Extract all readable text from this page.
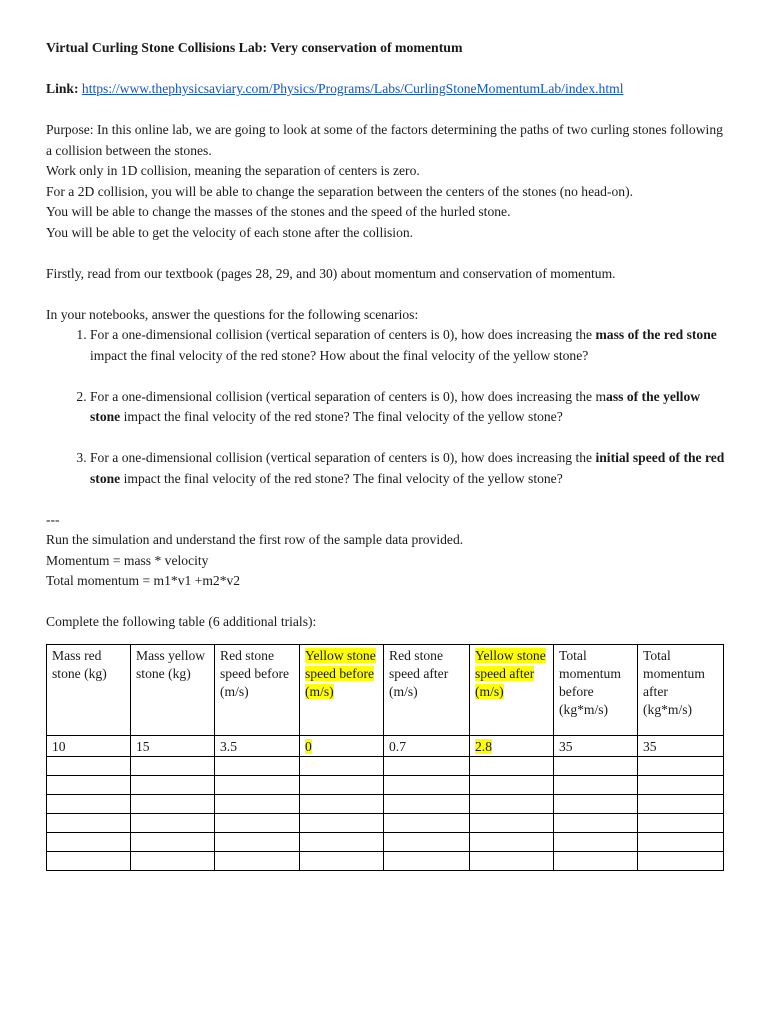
Virtual Curling Stone Collisions Lab: Very conservation of momentum

Link: https://www.thephysicsaviary.com/Physics/Programs/Labs/CurlingStoneMomentumLab/index.html

Purpose: In this online lab, we are going to look at some of the factors determining the paths of two curling stones following a collision between the stones.

Work only in 1D collision, meaning the separation of centers is zero.

For a 2D collision, you will be able to change the separation between the centers of the stones (no head-on).

You will be able to change the masses of the stones and the speed of the hurled stone.

You will be able to get the velocity of each stone after the collision.

Firstly, read from our textbook (pages 28, 29, and 30) about momentum and conservation of momentum.

In your notebooks, answer the questions for the following scenarios:

1. For a one-dimensional collision (vertical separation of centers is 0), how does increasing the mass of the red stone impact the final velocity of the red stone? How about the final velocity of the yellow stone?
2. For a one-dimensional collision (vertical separation of centers is 0), how does increasing the mass of the yellow stone impact the final velocity of the red stone? The final velocity of the yellow stone?
3. For a one-dimensional collision (vertical separation of centers is 0), how does increasing the initial speed of the red stone impact the final velocity of the red stone? The final velocity of the yellow stone?

---

Run the simulation and understand the first row of the sample data provided.

Momentum = mass * velocity

Total momentum = m1*v1 +m2*v2

Complete the following table (6 additional trials):

Mass red stone (kg)	Mass yellow stone (kg)	Red stone speed before (m/s)	Yellow stone speed before (m/s)	Red stone speed after (m/s)	Yellow stone speed after (m/s)	Total momentum before (kg*m/s)	Total momentum after (kg*m/s)
10	15	3.5	0	0.7	2.8	35	35
